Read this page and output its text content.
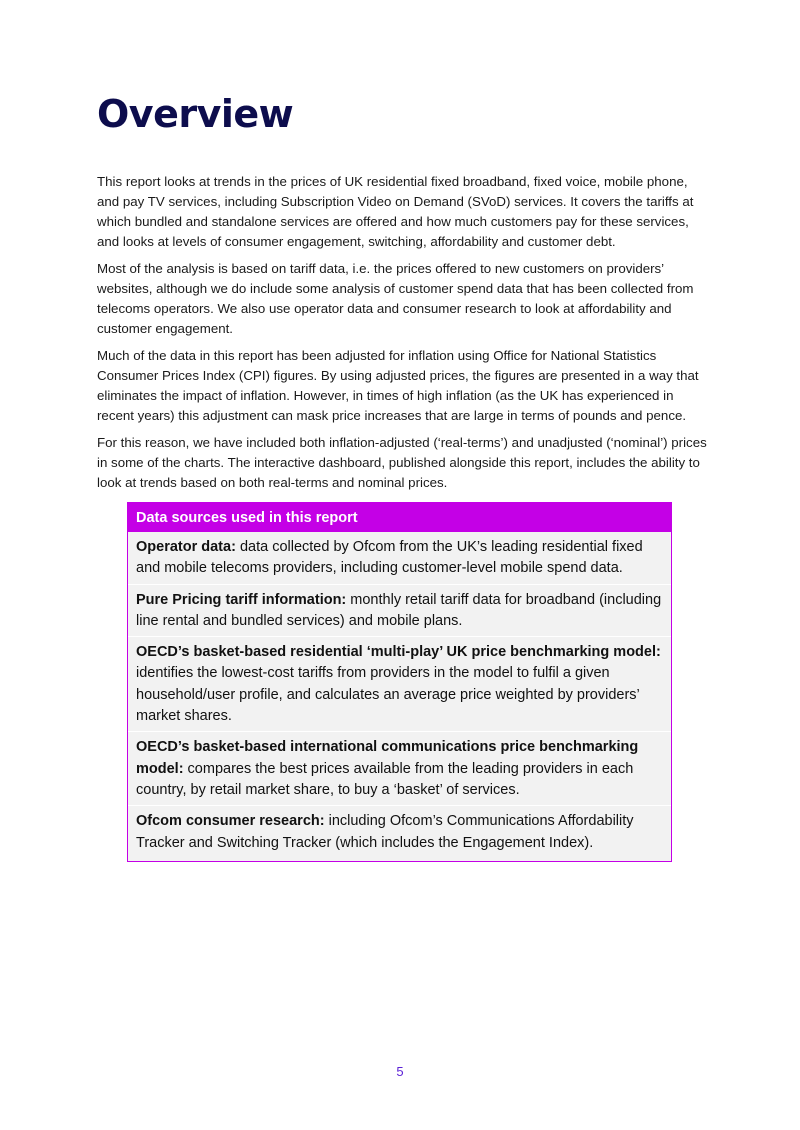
Overview

This report looks at trends in the prices of UK residential fixed broadband, fixed voice, mobile phone, and pay TV services, including Subscription Video on Demand (SVoD) services. It covers the tariffs at which bundled and standalone services are offered and how much customers pay for these services, and looks at levels of consumer engagement, switching, affordability and customer debt.

Most of the analysis is based on tariff data, i.e. the prices offered to new customers on providers’ websites, although we do include some analysis of customer spend data that has been collected from telecoms operators. We also use operator data and consumer research to look at affordability and customer engagement.

Much of the data in this report has been adjusted for inflation using Office for National Statistics Consumer Prices Index (CPI) figures. By using adjusted prices, the figures are presented in a way that eliminates the impact of inflation. However, in times of high inflation (as the UK has experienced in recent years) this adjustment can mask price increases that are large in terms of pounds and pence.

For this reason, we have included both inflation-adjusted (‘real-terms’) and unadjusted (‘nominal’) prices in some of the charts. The interactive dashboard, published alongside this report, includes the ability to look at trends based on both real-terms and nominal prices.

Data sources used in this report
Operator data: data collected by Ofcom from the UK’s leading residential fixed and mobile telecoms providers, including customer-level mobile spend data.
Pure Pricing tariff information: monthly retail tariff data for broadband (including line rental and bundled services) and mobile plans.
OECD’s basket-based residential ‘multi-play’ UK price benchmarking model: identifies the lowest-cost tariffs from providers in the model to fulfil a given household/user profile, and calculates an average price weighted by providers’ market shares.
OECD’s basket-based international communications price benchmarking model: compares the best prices available from the leading providers in each country, by retail market share, to buy a ‘basket’ of services.
Ofcom consumer research: including Ofcom’s Communications Affordability Tracker and Switching Tracker (which includes the Engagement Index).
5
